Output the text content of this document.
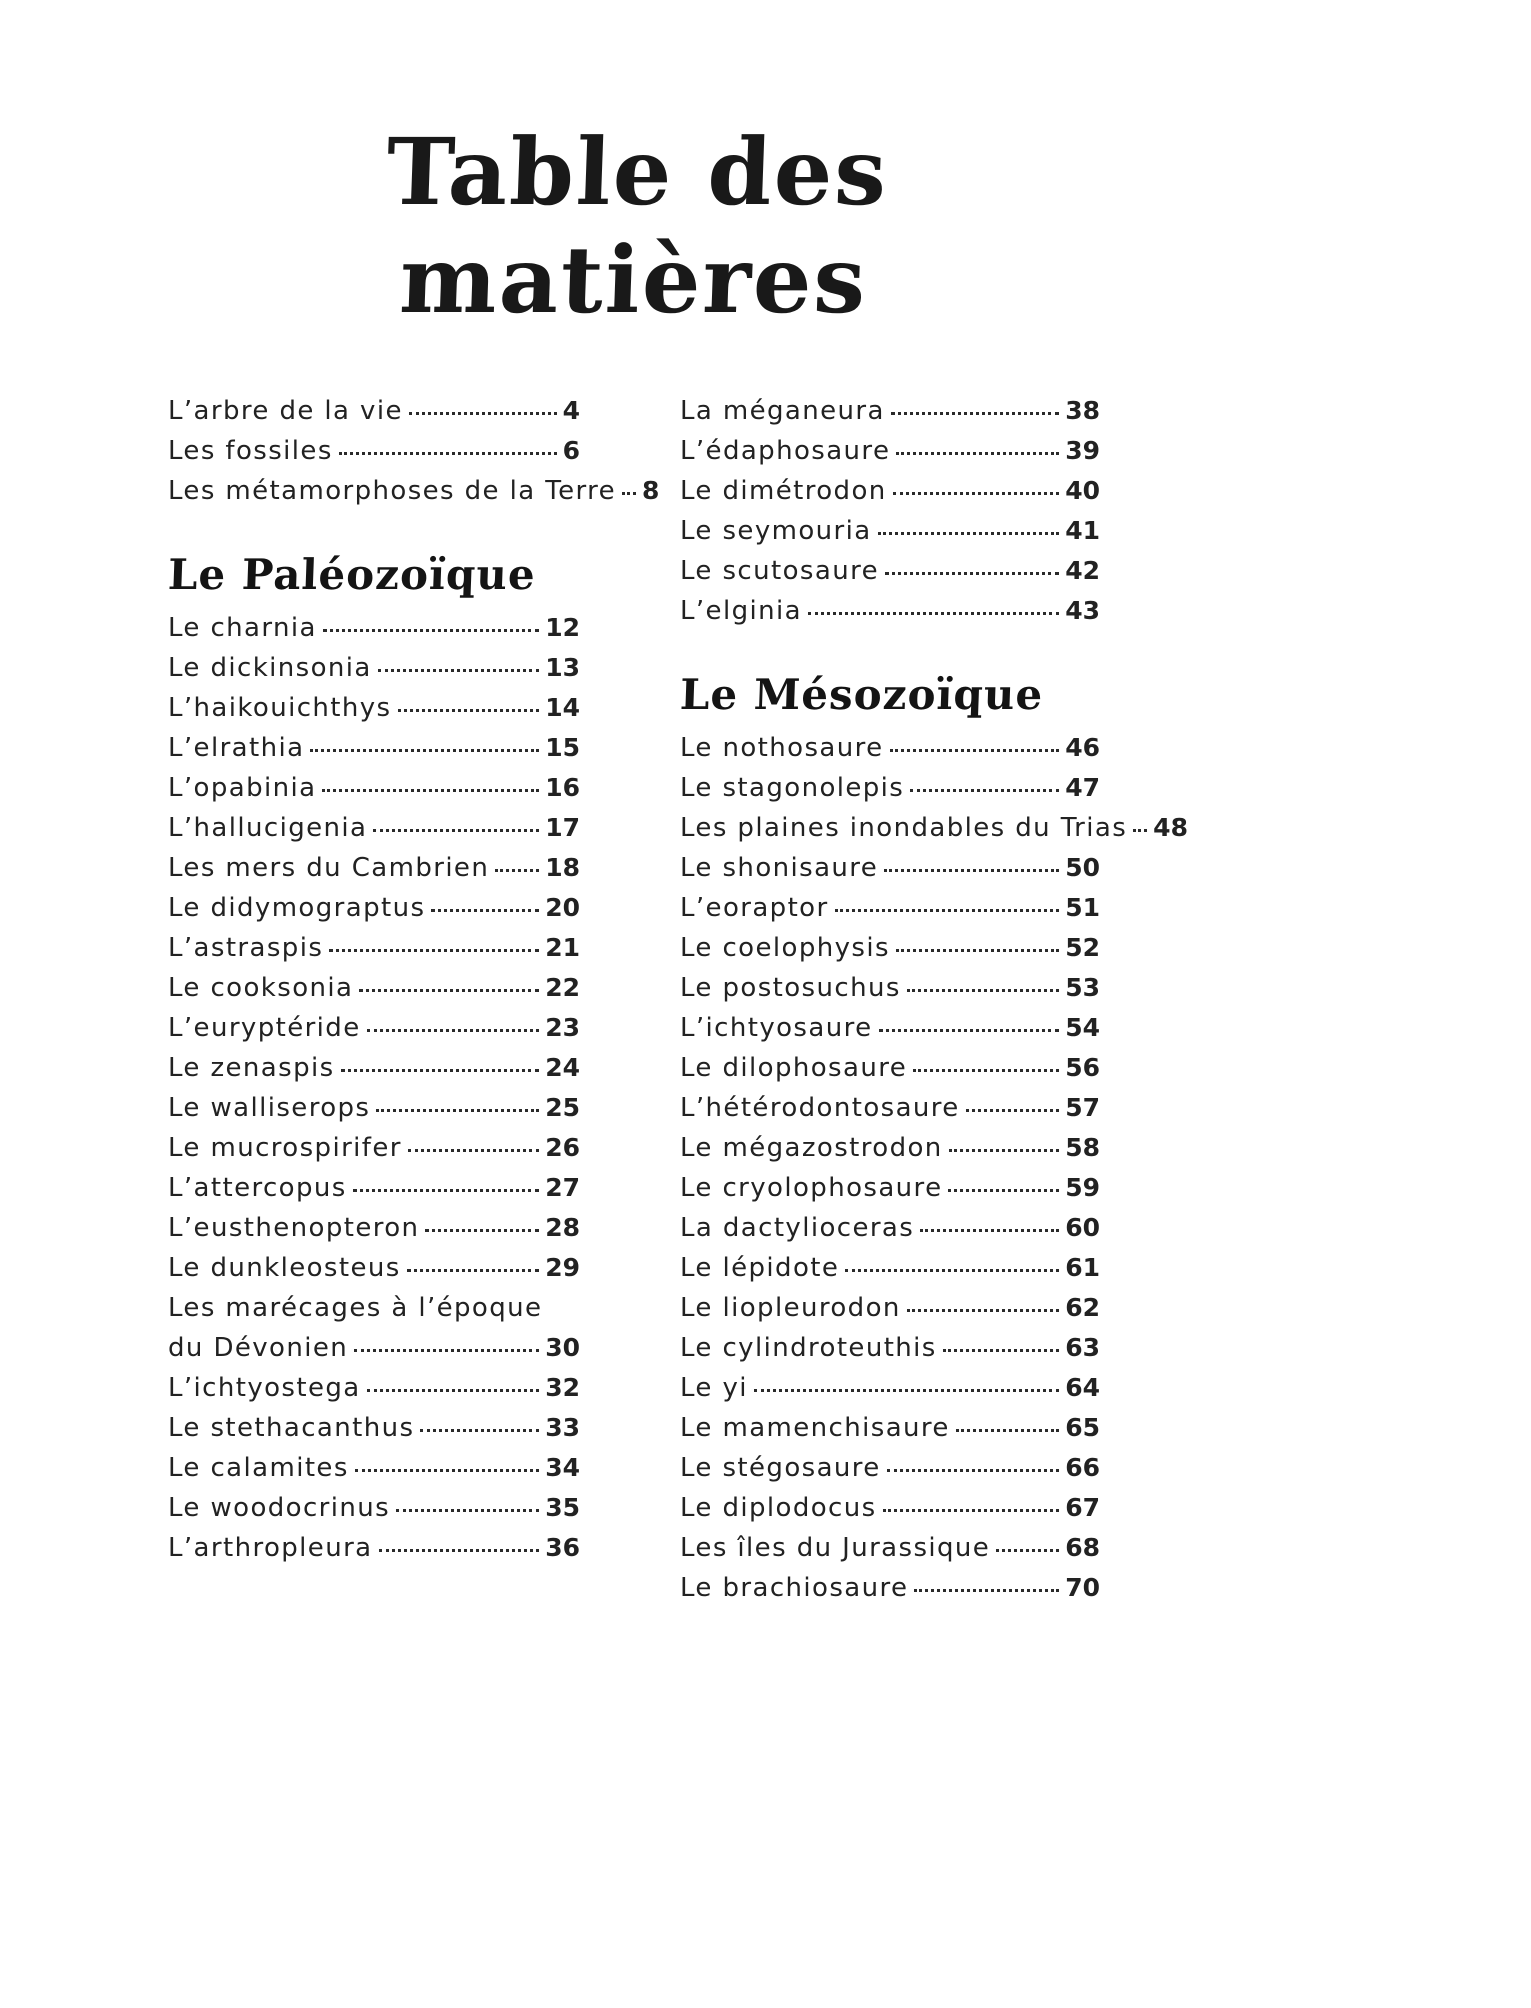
Table des matières
L’arbre de la vie	4
Les fossiles	6
Les métamorphoses de la Terre 8
Le Paléozoïque
Le charnia	12
Le dickinsonia	13
L’haikouichthys	14
L’elrathia	15
L’opabinia	16
L’hallucigenia	17
Les mers du Cambrien 18
Le didymograptus	20
L’astraspis	21
Le cooksonia	22
L’euryptéride	23
Le zenaspis	24
Le walliserops	25
Le mucrospirifer	26
L’attercopus	27
L’eusthenopteron	28
Le dunkleosteus	29
Les marécages à l’époque
du Dévonien	30
L’ichtyostega	32
Le stethacanthus	33
Le calamites	34
Le woodocrinus	35
L’arthropleura	36
La méganeura	38
L’édaphosaure	39
Le dimétrodon	40
Le seymouria	41
Le scutosaure	42
L’elginia	43
Le Mésozoïque
Le nothosaure	46
Le stagonolepis	47
Les plaines inondables du Trias 48
Le shonisaure	50
L’eoraptor	51
Le coelophysis	52
Le postosuchus	53
L’ichtyosaure	54
Le dilophosaure	56
L’hétérodontosaure	57
Le mégazostrodon	58
Le cryolophosaure	59
La dactylioceras	60
Le lépidote	61
Le liopleurodon	62
Le cylindroteuthis	63
Le yi	64
Le mamenchisaure	65
Le stégosaure	66
Le diplodocus	67
Les îles du Jurassique	68
Le brachiosaure	70
